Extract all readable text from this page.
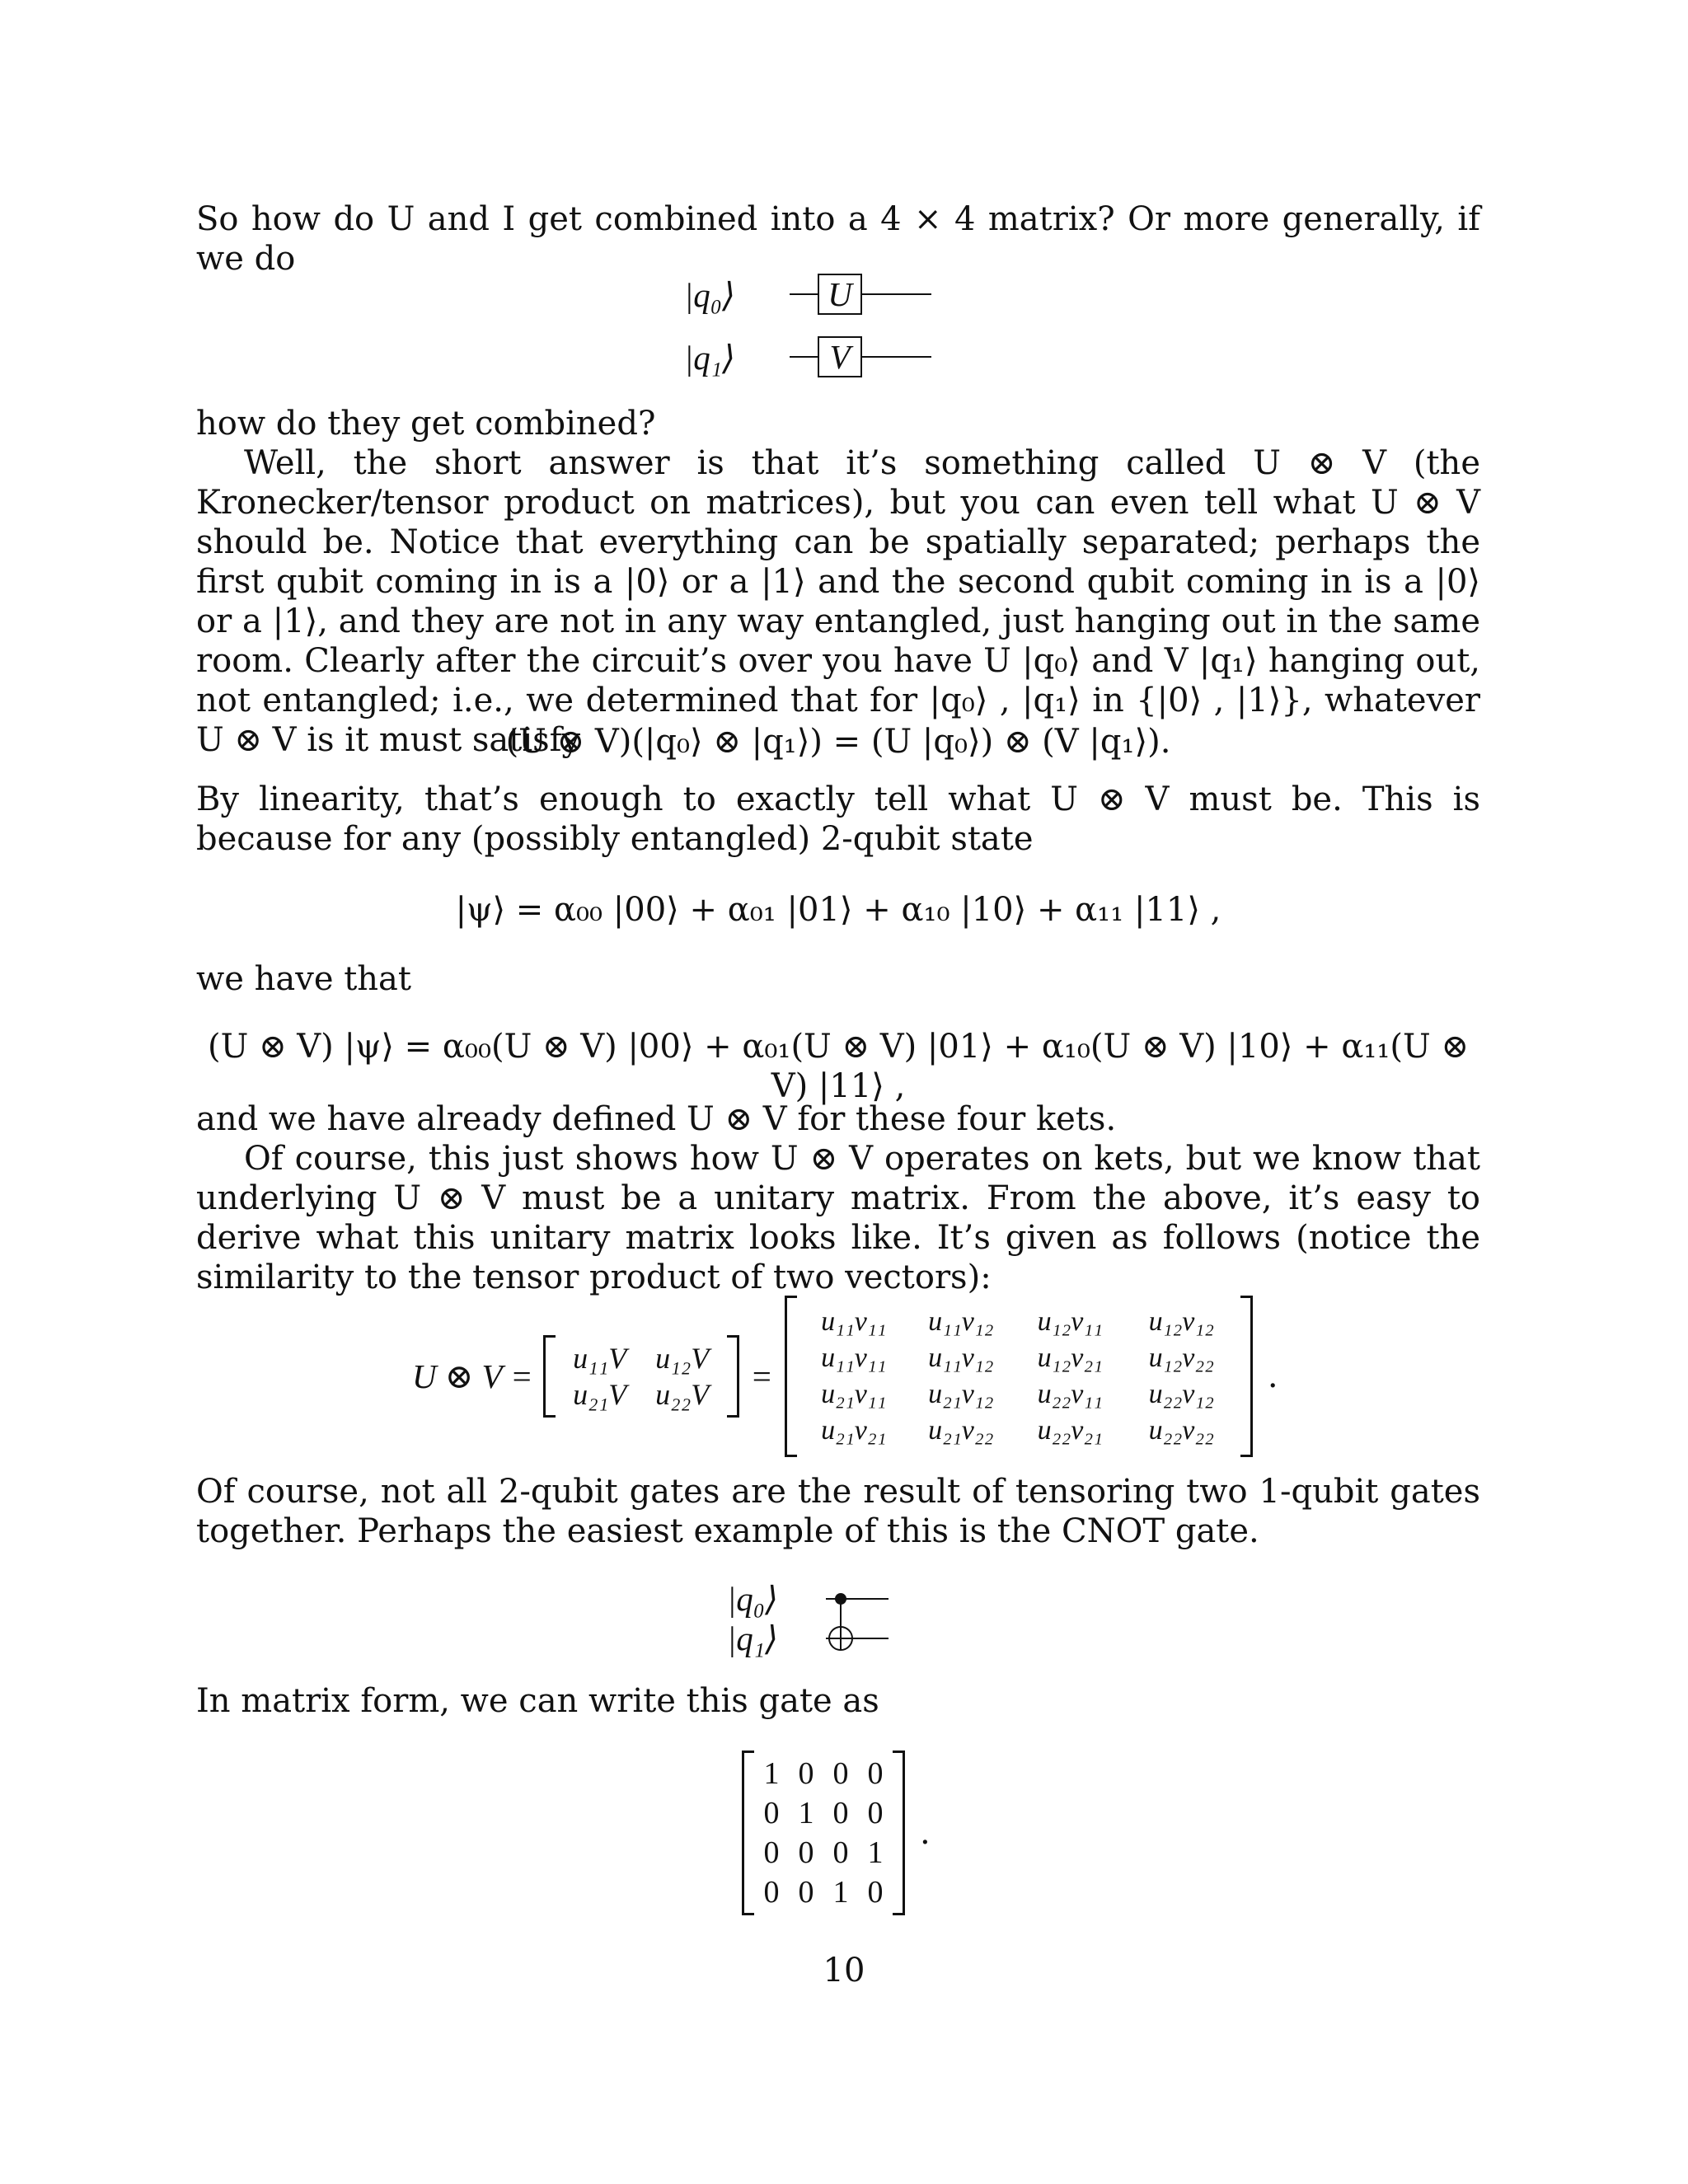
So how do U and I get combined into a 4 × 4 matrix? Or more generally, if we do
|q₀⟩
|q₁⟩
U
V
how do they get combined?
Well, the short answer is that it’s something called U ⊗ V (the Kronecker/tensor product on matrices), but you can even tell what U ⊗ V should be. Notice that everything can be spatially separated; perhaps the first qubit coming in is a |0⟩ or a |1⟩ and the second qubit coming in is a |0⟩ or a |1⟩, and they are not in any way entangled, just hanging out in the same room. Clearly after the circuit’s over you have U |q₀⟩ and V |q₁⟩ hanging out, not entangled; i.e., we determined that for |q₀⟩ , |q₁⟩ in {|0⟩ , |1⟩}, whatever U ⊗ V is it must satisfy
(U ⊗ V)(|q₀⟩ ⊗ |q₁⟩) = (U |q₀⟩) ⊗ (V |q₁⟩).
By linearity, that’s enough to exactly tell what U ⊗ V must be. This is because for any (possibly entangled) 2-qubit state
|ψ⟩ = α₀₀ |00⟩ + α₀₁ |01⟩ + α₁₀ |10⟩ + α₁₁ |11⟩ ,
we have that
(U ⊗ V) |ψ⟩ = α₀₀(U ⊗ V) |00⟩ + α₀₁(U ⊗ V) |01⟩ + α₁₀(U ⊗ V) |10⟩ + α₁₁(U ⊗ V) |11⟩ ,
and we have already defined U ⊗ V for these four kets.
Of course, this just shows how U ⊗ V operates on kets, but we know that underlying U ⊗ V must be a unitary matrix. From the above, it’s easy to derive what this unitary matrix looks like. It’s given as follows (notice the similarity to the tensor product of two vectors):
U ⊗ V =	u₁₁V u₁₂V
u₂₁V u₂₂V	=
u₁₁v₁₁	u₁₁v₁₂	u₁₂v₁₁	u₁₂v₁₂
u₁₁v₁₁	u₁₁v₁₂	u₁₂v₂₁	u₁₂v₂₂
u₂₁v₁₁	u₂₁v₁₂	u₂₂v₁₁	u₂₂v₁₂
u₂₁v₂₁	u₂₁v₂₂	u₂₂v₂₁	u₂₂v₂₂
.
Of course, not all 2-qubit gates are the result of tensoring two 1-qubit gates together. Perhaps the easiest example of this is the CNOT gate.
|q₀⟩
|q₁⟩
In matrix form, we can write this gate as
1 0 0 0
0 1 0 0
0 0 0 1
0 0 1 0
.
10
